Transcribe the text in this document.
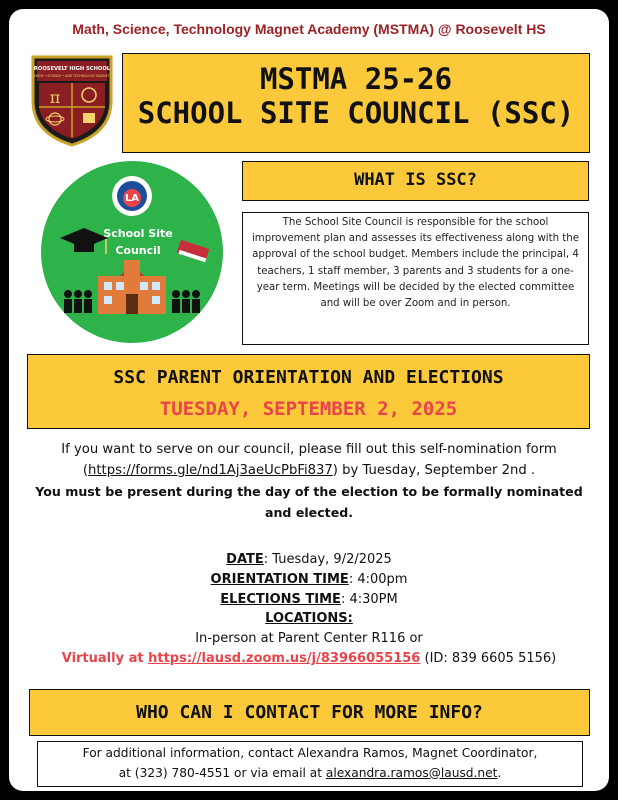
Math, Science, Technology Magnet Academy (MSTMA) @ Roosevelt HS
ROOSEVELT HIGH SCHOOL
MATH • SCIENCE • AND TECHNOLOGY MAGNET
π
MSTMA 25-26
SCHOOL SITE COUNCIL (SSC)
LA
School Site
Council
WHAT IS SSC?
The School Site Council is responsible for the school improvement plan and assesses its effectiveness along with the approval of the school budget. Members include the principal, 4 teachers, 1 staff member, 3 parents and 3 students for a one-year term. Meetings will be decided by the elected committee and will be over Zoom and in person.
SSC PARENT ORIENTATION AND ELECTIONS
TUESDAY, SEPTEMBER 2, 2025
If you want to serve on our council, please fill out this self-nomination form (https://forms.gle/nd1Aj3aeUcPbFi837) by Tuesday, September 2nd .
You must be present during the day of the election to be formally nominated and elected.
DATE: Tuesday, 9/2/2025
ORIENTATION TIME: 4:00pm
ELECTIONS TIME: 4:30PM
LOCATIONS:
In-person at Parent Center R116 or
Virtually at https://lausd.zoom.us/j/83966055156 (ID: 839 6605 5156)
WHO CAN I CONTACT FOR MORE INFO?
For additional information, contact Alexandra Ramos, Magnet Coordinator,
at (323) 780-4551 or via email at alexandra.ramos@lausd.net.
